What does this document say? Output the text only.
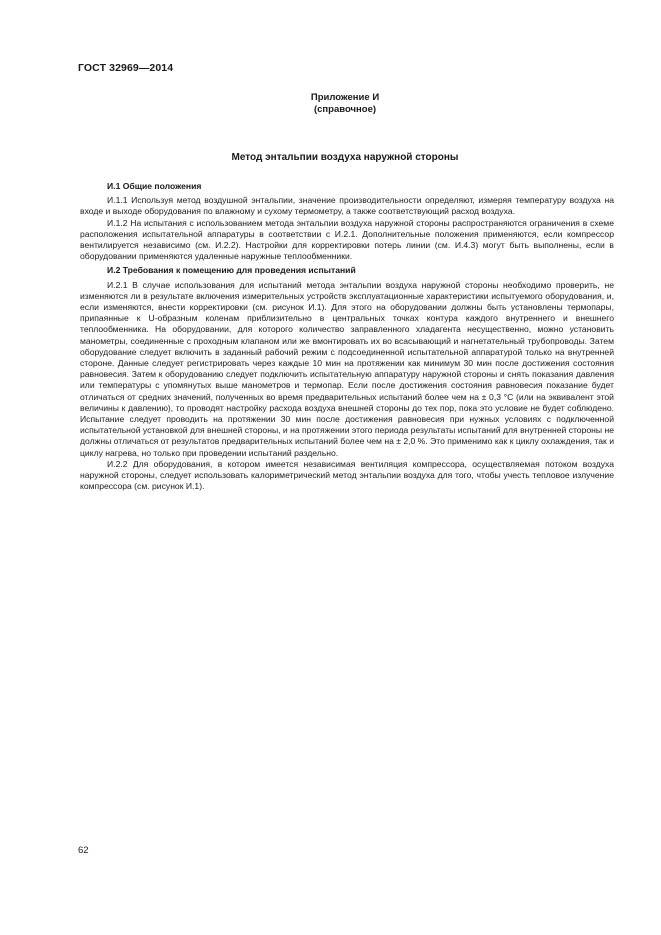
ГОСТ 32969—2014
Приложение И
(справочное)
Метод энтальпии воздуха наружной стороны

И.1 Общие положения

И.1.1 Используя метод воздушной энтальпии, значение производительности определяют, измеряя температуру воздуха на входе и выходе оборудования по влажному и сухому термометру, а также соответствующий расход воздуха.

И.1.2 На испытания с использованием метода энтальпии воздуха наружной стороны распространяются ограничения в схеме расположения испытательной аппаратуры в соответствии с И.2.1. Дополнительные положения применяются, если компрессор вентилируется независимо (см. И.2.2). Настройки для корректировки потерь линии (см. И.4.3) могут быть выполнены, если в оборудовании применяются удаленные наружные теплообменники.

И.2 Требования к помещению для проведения испытаний

И.2.1 В случае использования для испытаний метода энтальпии воздуха наружной стороны необходимо проверить, не изменяются ли в результате включения измерительных устройств эксплуатационные характеристики испытуемого оборудования, и, если изменяются, внести корректировки (см. рисунок И.1). Для этого на оборудовании должны быть установлены термопары, припаянные к U-образным коленам приблизительно в центральных точках контура каждого внутреннего и внешнего теплообменника. На оборудовании, для которого количество заправленного хладагента несущественно, можно установить манометры, соединенные с проходным клапаном или же вмонтировать их во всасывающий и нагнетательный трубопроводы. Затем оборудование следует включить в заданный рабочий режим с подсоединенной испытательной аппаратурой только на внутренней стороне. Данные следует регистрировать через каждые 10 мин на протяжении как минимум 30 мин после достижения состояния равновесия. Затем к оборудованию следует подключить испытательную аппаратуру наружной стороны и снять показания давления или температуры с упомянутых выше манометров и термопар. Если после достижения состояния равновесия показание будет отличаться от средних значений, полученных во время предварительных испытаний более чем на ± 0,3 °С (или на эквивалент этой величины к давлению), то проводят настройку расхода воздуха внешней стороны до тех пор, пока это условие не будет соблюдено. Испытание следует проводить на протяжении 30 мин после достижения равновесия при нужных условиях с подключенной испытательной установкой для внешней стороны, и на протяжении этого периода результаты испытаний для внутренней стороны не должны отличаться от результатов предварительных испытаний более чем на ± 2,0 %. Это применимо как к циклу охлаждения, так и циклу нагрева, но только при проведении испытаний раздельно.

И.2.2 Для оборудования, в котором имеется независимая вентиляция компрессора, осуществляемая потоком воздуха наружной стороны, следует использовать калориметрический метод энтальпии воздуха для того, чтобы учесть тепловое излучение компрессора (см. рисунок И.1).

62
